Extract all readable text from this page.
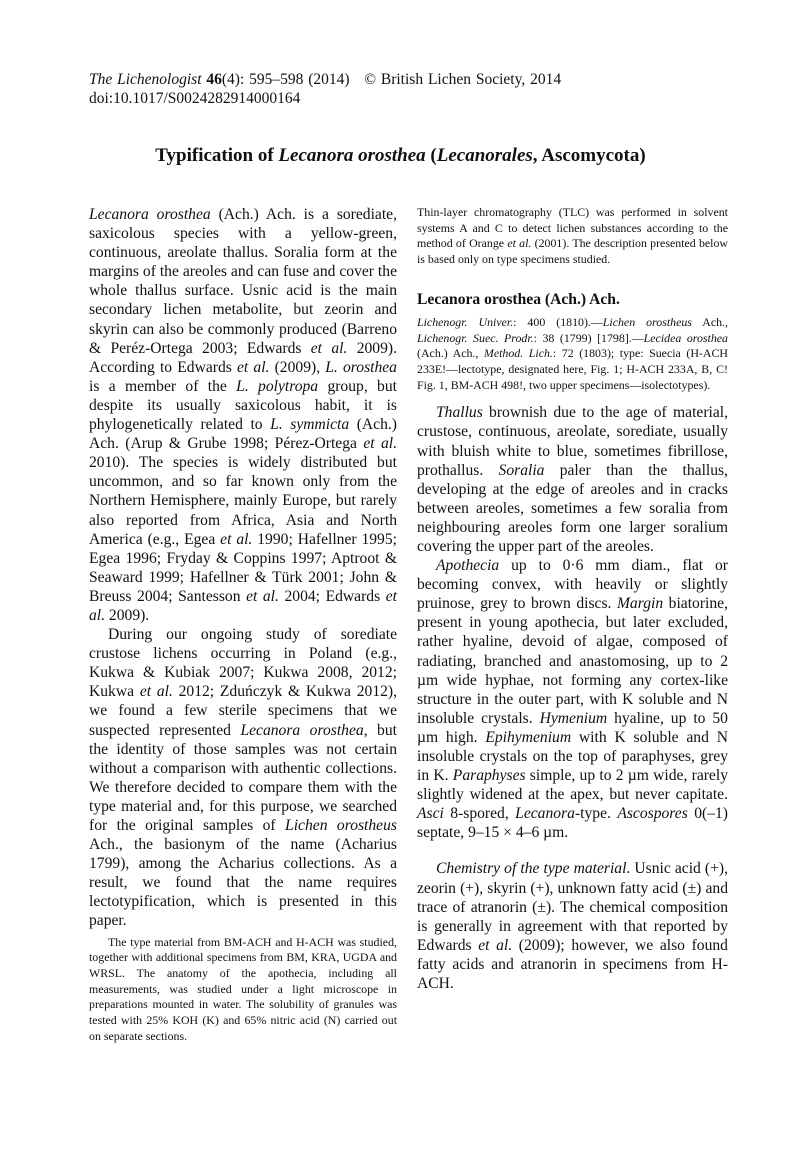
The Lichenologist 46(4): 595–598 (2014) © British Lichen Society, 2014
doi:10.1017/S0024282914000164
Typification of Lecanora orosthea (Lecanorales, Ascomycota)

Lecanora orosthea (Ach.) Ach. is a sorediate, saxicolous species with a yellow-green, continuous, areolate thallus. Soralia form at the margins of the areoles and can fuse and cover the whole thallus surface. Usnic acid is the main secondary lichen metabolite, but zeorin and skyrin can also be commonly produced (Barreno & Peréz-Ortega 2003; Edwards et al. 2009). According to Edwards et al. (2009), L. orosthea is a member of the L. polytropa group, but despite its usually saxicolous habit, it is phylogenetically related to L. symmicta (Ach.) Ach. (Arup & Grube 1998; Pérez-Ortega et al. 2010). The species is widely distributed but uncommon, and so far known only from the Northern Hemisphere, mainly Europe, but rarely also reported from Africa, Asia and North America (e.g., Egea et al. 1990; Hafellner 1995; Egea 1996; Fryday & Coppins 1997; Aptroot & Seaward 1999; Hafellner & Türk 2001; John & Breuss 2004; Santesson et al. 2004; Edwards et al. 2009).

During our ongoing study of sorediate crustose lichens occurring in Poland (e.g., Kukwa & Kubiak 2007; Kukwa 2008, 2012; Kukwa et al. 2012; Zduńczyk & Kukwa 2012), we found a few sterile specimens that we suspected represented Lecanora orosthea, but the identity of those samples was not certain without a comparison with authentic collections. We therefore decided to compare them with the type material and, for this purpose, we searched for the original samples of Lichen orostheus Ach., the basionym of the name (Acharius 1799), among the Acharius collections. As a result, we found that the name requires lectotypification, which is presented in this paper.

The type material from BM-ACH and H-ACH was studied, together with additional specimens from BM, KRA, UGDA and WRSL. The anatomy of the apothecia, including all measurements, was studied under a light microscope in preparations mounted in water. The solubility of granules was tested with 25% KOH (K) and 65% nitric acid (N) carried out on separate sections.

Thin-layer chromatography (TLC) was performed in solvent systems A and C to detect lichen substances according to the method of Orange et al. (2001). The description presented below is based only on type specimens studied.

Lecanora orosthea (Ach.) Ach.

Lichenogr. Univer.: 400 (1810).—Lichen orostheus Ach., Lichenogr. Suec. Prodr.: 38 (1799) [1798].—Lecidea orosthea (Ach.) Ach., Method. Lich.: 72 (1803); type: Suecia (H-ACH 233E!—lectotype, designated here, Fig. 1; H-ACH 233A, B, C! Fig. 1, BM-ACH 498!, two upper specimens—isolectotypes).

Thallus brownish due to the age of material, crustose, continuous, areolate, sorediate, usually with bluish white to blue, sometimes fibrillose, prothallus. Soralia paler than the thallus, developing at the edge of areoles and in cracks between areoles, sometimes a few soralia from neighbouring areoles form one larger soralium covering the upper part of the areoles.

Apothecia up to 0·6 mm diam., flat or becoming convex, with heavily or slightly pruinose, grey to brown discs. Margin biatorine, present in young apothecia, but later excluded, rather hyaline, devoid of algae, composed of radiating, branched and anastomosing, up to 2 µm wide hyphae, not forming any cortex-like structure in the outer part, with K soluble and N insoluble crystals. Hymenium hyaline, up to 50 µm high. Epihymenium with K soluble and N insoluble crystals on the top of paraphyses, grey in K. Paraphyses simple, up to 2 µm wide, rarely slightly widened at the apex, but never capitate. Asci 8-spored, Lecanora-type. Ascospores 0(–1) septate, 9–15 × 4–6 µm.

Chemistry of the type material. Usnic acid (+), zeorin (+), skyrin (+), unknown fatty acid (±) and trace of atranorin (±). The chemical composition is generally in agreement with that reported by Edwards et al. (2009); however, we also found fatty acids and atranorin in specimens from H-ACH.
